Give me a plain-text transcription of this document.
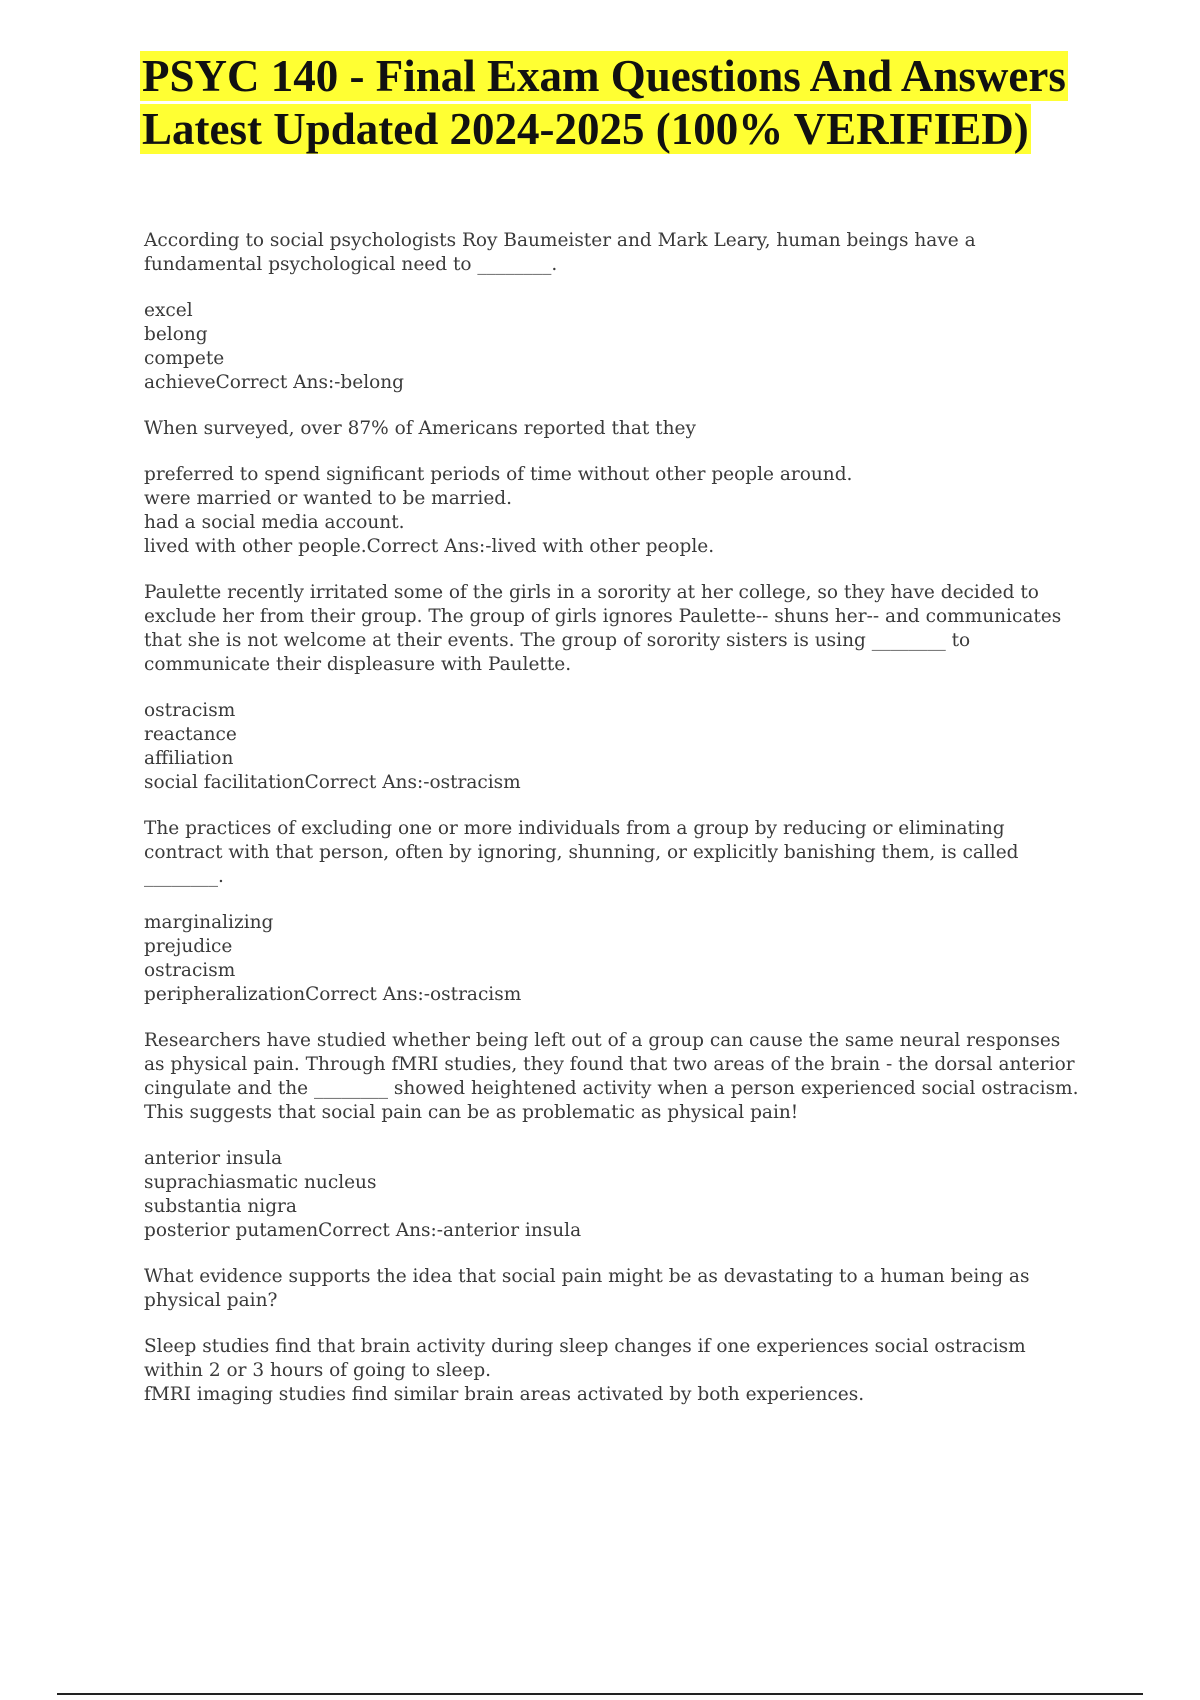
PSYC 140 - Final Exam Questions And Answers Latest Updated 2024-2025 (100% VERIFIED)
According to social psychologists Roy Baumeister and Mark Leary, human beings have a fundamental psychological need to ________.
excel
belong
compete
achieveCorrect Ans:-belong
When surveyed, over 87% of Americans reported that they
preferred to spend significant periods of time without other people around.
were married or wanted to be married.
had a social media account.
lived with other people.Correct Ans:-lived with other people.
Paulette recently irritated some of the girls in a sorority at her college, so they have decided to exclude her from their group. The group of girls ignores Paulette-- shuns her-- and communicates that she is not welcome at their events. The group of sorority sisters is using ________ to communicate their displeasure with Paulette.
ostracism
reactance
affiliation
social facilitationCorrect Ans:-ostracism
The practices of excluding one or more individuals from a group by reducing or eliminating contract with that person, often by ignoring, shunning, or explicitly banishing them, is called ________.
marginalizing
prejudice
ostracism
peripheralizationCorrect Ans:-ostracism
Researchers have studied whether being left out of a group can cause the same neural responses as physical pain. Through fMRI studies, they found that two areas of the brain - the dorsal anterior cingulate and the ________ showed heightened activity when a person experienced social ostracism. This suggests that social pain can be as problematic as physical pain!
anterior insula
suprachiasmatic nucleus
substantia nigra
posterior putamenCorrect Ans:-anterior insula
What evidence supports the idea that social pain might be as devastating to a human being as physical pain?
Sleep studies find that brain activity during sleep changes if one experiences social ostracism within 2 or 3 hours of going to sleep.
fMRI imaging studies find similar brain areas activated by both experiences.
